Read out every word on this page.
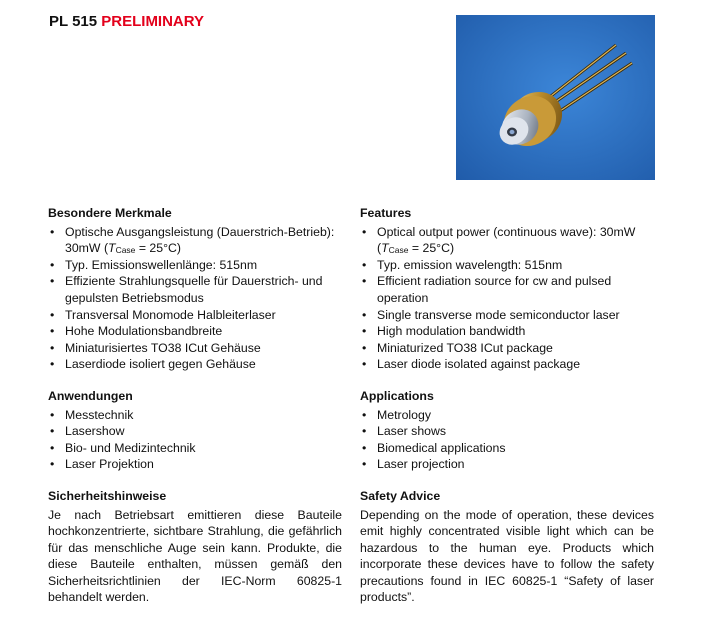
PL 515 PRELIMINARY
Besondere Merkmale
• Optische Ausgangsleistung (Dauerstrich-Betrieb): 30mW $(T_{Case} = 25^\circ C)$
• Typ. Emissionswellenlänge: 515nm
• Effiziente Strahlungsquelle für Dauerstrich- und gepulsten Betriebsmodus
• Transversal Monomode Halbleiterlaser
• Hohe Modulationsbandbreite
• Miniaturisiertes TO38 ICut Gehäuse
• Laserdiode isoliert gegen Gehäuse
Anwendungen
• Messtechnik
• Lasershow
• Bio- und Medizintechnik
• Laser Projektion
Sicherheitshinweise

Je nach Betriebsart emittieren diese Bauteile hochkonzentrierte, sichtbare Strahlung, die gefährlich für das menschliche Auge sein kann. Produkte, die diese Bauteile enthalten, müssen gemäß den Sicherheitsrichtlinien der IEC-Norm 60825-1 behandelt werden.

Features
• Optical output power (continuous wave): 30mW $(T_{Case} = 25^\circ C)$
• Typ. emission wavelength: 515nm
• Efficient radiation source for cw and pulsed operation
• Single transverse mode semiconductor laser
• High modulation bandwidth
• Miniaturized TO38 ICut package
• Laser diode isolated against package
Applications
• Metrology
• Laser shows
• Biomedical applications
• Laser projection
Safety Advice

Depending on the mode of operation, these devices emit highly concentrated visible light which can be hazardous to the human eye. Products which incorporate these devices have to follow the safety precautions found in IEC 60825-1 “Safety of laser products”.
